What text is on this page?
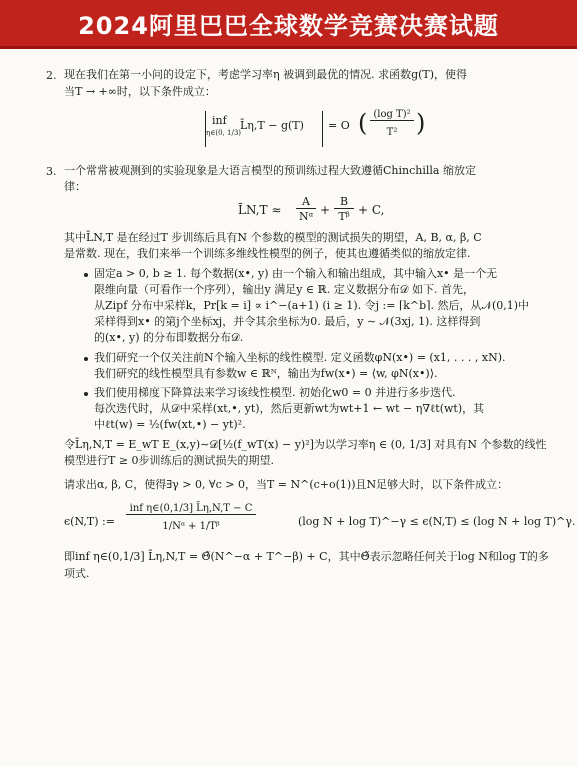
2024阿里巴巴全球数学竞赛决赛试题
2. 现在我们在第一小问的设定下，考虑学习率η 被调到最优的情况. 求函数g(T)，使得
当T → +∞时，以下条件成立：
inf
η∈(0, 1/3)
L̄η,T − g(T) = O ( (log T)²
T² )
3. 一个常常被观测到的实验现象是大语言模型的预训练过程大致遵循Chinchilla 缩放定
律：
L̄N,T ≈
A
Nᵅ +
B
Tᵝ + C,
其中L̄N,T 是在经过T 步训练后具有N 个参数的模型的测试损失的期望，A, B, α, β, C
是常数. 现在，我们来举一个训练多维线性模型的例子，使其也遵循类似的缩放定律.
固定a > 0, b ≥ 1. 每个数据(x•, y) 由一个输入和输出组成，其中输入x• 是一个无
限维向量（可看作一个序列），输出y 满足y ∈ ℝ. 定义数据分布𝒟 如下. 首先，
从Zipf 分布中采样k，Pr[k = i] ∝ i^−(a+1) (i ≥ 1). 令j := ⌈k^b⌉. 然后，从𝒩(0,1)中
采样得到x• 的第j个坐标xj，并令其余坐标为0. 最后，y ∼ 𝒩(3xj, 1). 这样得到
的(x•, y) 的分布即数据分布𝒟.
我们研究一个仅关注前N个输入坐标的线性模型. 定义函数φN(x•) = (x1, . . . , xN).
我们研究的线性模型具有参数w ∈ ℝᴺ，输出为fw(x•) = ⟨w, φN(x•)⟩.
我们使用梯度下降算法来学习该线性模型. 初始化w0 = 0 并进行多步迭代.
每次迭代时，从𝒟中采样(xt,•, yt)，然后更新wt为wt+1 ← wt − η∇ℓt(wt)，其
中ℓt(w) = ½(fw(xt,•) − yt)².
令L̄η,N,T = E_wT E_(x,y)∼𝒟[½(f_wT(x) − y)²]为以学习率η ∈ (0, 1/3] 对具有N 个参数的线性
模型进行T ≥ 0步训练后的测试损失的期望.
请求出α, β, C，使得∃γ > 0, ∀c > 0，当T = N^(c+o(1))且N足够大时，以下条件成立：
ϵ(N,T) :=
inf η∈(0,1/3] L̄η,N,T − C
1/Nᵅ + 1/Tᵝ	(log N + log T)^−γ ≤ ϵ(N,T) ≤ (log N + log T)^γ.
即inf η∈(0,1/3] L̄η,N,T = Θ̃(N^−α + T^−β) + C，其中Θ̃表示忽略任何关于log N和log T的多
项式.
